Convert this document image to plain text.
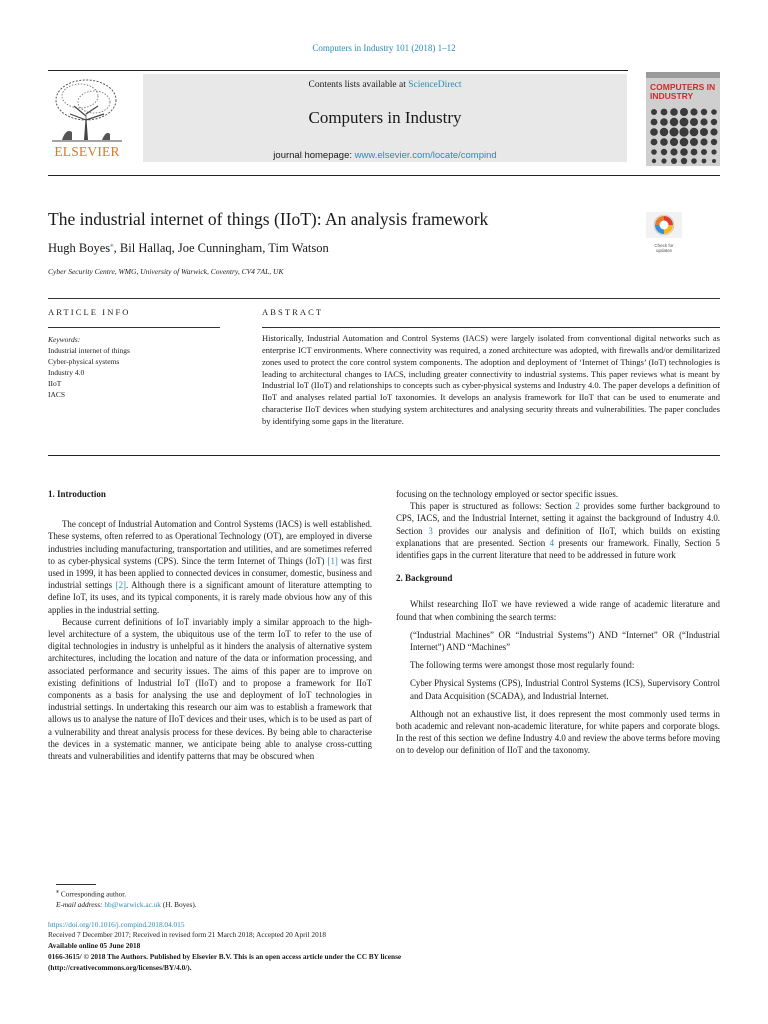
Computers in Industry 101 (2018) 1–12
ELSEVIER
Contents lists available at ScienceDirect
Computers in Industry
journal homepage: www.elsevier.com/locate/compind
COMPUTERS IN INDUSTRY
The industrial internet of things (IIoT): An analysis framework
Hugh Boyes⁎, Bil Hallaq, Joe Cunningham, Tim Watson
Cyber Security Centre, WMG, University of Warwick, Coventry, CV4 7AL, UK
Check for updates
ARTICLE INFO	ABSTRACT
Keywords:
Industrial internet of things
Cyber-physical systems
Industry 4.0
IIoT
IACS
Historically, Industrial Automation and Control Systems (IACS) were largely isolated from conventional digital networks such as enterprise ICT environments. Where connectivity was required, a zoned architecture was adopted, with firewalls and/or demilitarized zones used to protect the core control system components. The adoption and deployment of ‘Internet of Things’ (IoT) technologies is leading to architectural changes to IACS, including greater connectivity to industrial systems. This paper reviews what is meant by Industrial IoT (IIoT) and relationships to concepts such as cyber-physical systems and Industry 4.0. The paper develops a definition of IIoT and analyses related partial IoT taxonomies. It develops an analysis framework for IIoT that can be used to enumerate and characterise IIoT devices when studying system architectures and analysing security threats and vulnerabilities. The paper concludes by identifying some gaps in the literature.
1. Introduction

The concept of Industrial Automation and Control Systems (IACS) is well established. These systems, often referred to as Operational Technology (OT), are employed in diverse industries including manufacturing, transportation and utilities, and are sometimes referred to as cyber-physical systems (CPS). Since the term Internet of Things (IoT) [1] was first used in 1999, it has been applied to connected devices in consumer, domestic, business and industrial settings [2]. Although there is a significant amount of literature attempting to define IoT, its uses, and its typical components, it is rarely made obvious how any of this applies in the industrial setting.

Because current definitions of IoT invariably imply a similar approach to the high-level architecture of a system, the ubiquitous use of the term IoT to refer to the use of digital technologies in industry is unhelpful as it hinders the analysis of alternative system architectures, including the location and nature of the data or information processing, and associated performance and security issues. The aims of this paper are to improve on existing definitions of Industrial IoT (IIoT) and to propose a framework for IIoT components as a basis for analysing the use and deployment of IoT technologies in industrial settings. In undertaking this research our aim was to establish a framework that allows us to analyse the nature of IIoT devices and their uses, which is to be used as part of a vulnerability and threat analysis process for these devices. By being able to characterise the devices in a systematic manner, we anticipate being able to analyse cross-cutting threats and vulnerabilities and identify patterns that may be obscured when

focusing on the technology employed or sector specific issues.

This paper is structured as follows: Section 2 provides some further background to CPS, IACS, and the Industrial Internet, setting it against the background of Industry 4.0. Section 3 provides our analysis and definition of IIoT, which builds on existing explanations that are presented. Section 4 presents our framework. Finally, Section 5 identifies gaps in the current literature that need to be addressed in future work

2. Background

Whilst researching IIoT we have reviewed a wide range of academic literature and found that when combining the search terms:

(“Industrial Machines” OR “Industrial Systems”) AND “Internet” OR (“Industrial Internet”) AND “Machines”

The following terms were amongst those most regularly found:

Cyber Physical Systems (CPS), Industrial Control Systems (ICS), Supervisory Control and Data Acquisition (SCADA), and Industrial Internet.

Although not an exhaustive list, it does represent the most commonly used terms in both academic and relevant non-academic literature, for white papers and corporate blogs. In the rest of this section we define Industry 4.0 and review the above terms before moving on to develop our definition of IIoT and the taxonomy.

⁎ Corresponding author.
E-mail address: hb@warwick.ac.uk (H. Boyes).
https://doi.org/10.1016/j.compind.2018.04.015
Received 7 December 2017; Received in revised form 21 March 2018; Accepted 20 April 2018
Available online 05 June 2018
0166-3615/ © 2018 The Authors. Published by Elsevier B.V. This is an open access article under the CC BY license
(http://creativecommons.org/licenses/BY/4.0/).
